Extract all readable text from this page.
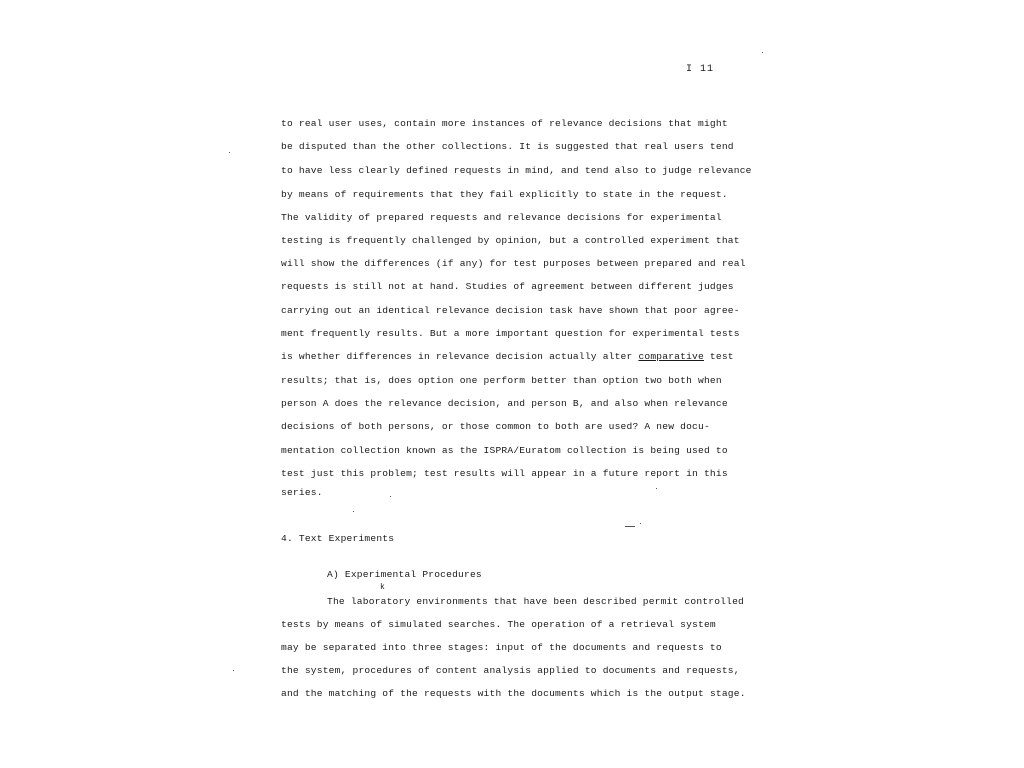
I 11
to real user uses, contain more instances of relevance decisions that might
be disputed than the other collections. It is suggested that real users tend
to have less clearly defined requests in mind, and tend also to judge relevance
by means of requirements that they fail explicitly to state in the request.
The validity of prepared requests and relevance decisions for experimental
testing is frequently challenged by opinion, but a controlled experiment that
will show the differences (if any) for test purposes between prepared and real
requests is still not at hand. Studies of agreement between different judges
carrying out an identical relevance decision task have shown that poor agree-
ment frequently results. But a more important question for experimental tests
is whether differences in relevance decision actually alter comparative test
results; that is, does option one perform better than option two both when
person A does the relevance decision, and person B, and also when relevance
decisions of both persons, or those common to both are used? A new docu-
mentation collection known as the ISPRA/Euratom collection is being used to
test just this problem; test results will appear in a future report in this
series.
4. Text Experiments
A) Experimental Procedures
k
The laboratory environments that have been described permit controlled
tests by means of simulated searches. The operation of a retrieval system
may be separated into three stages: input of the documents and requests to
the system, procedures of content analysis applied to documents and requests,
and the matching of the requests with the documents which is the output stage.
